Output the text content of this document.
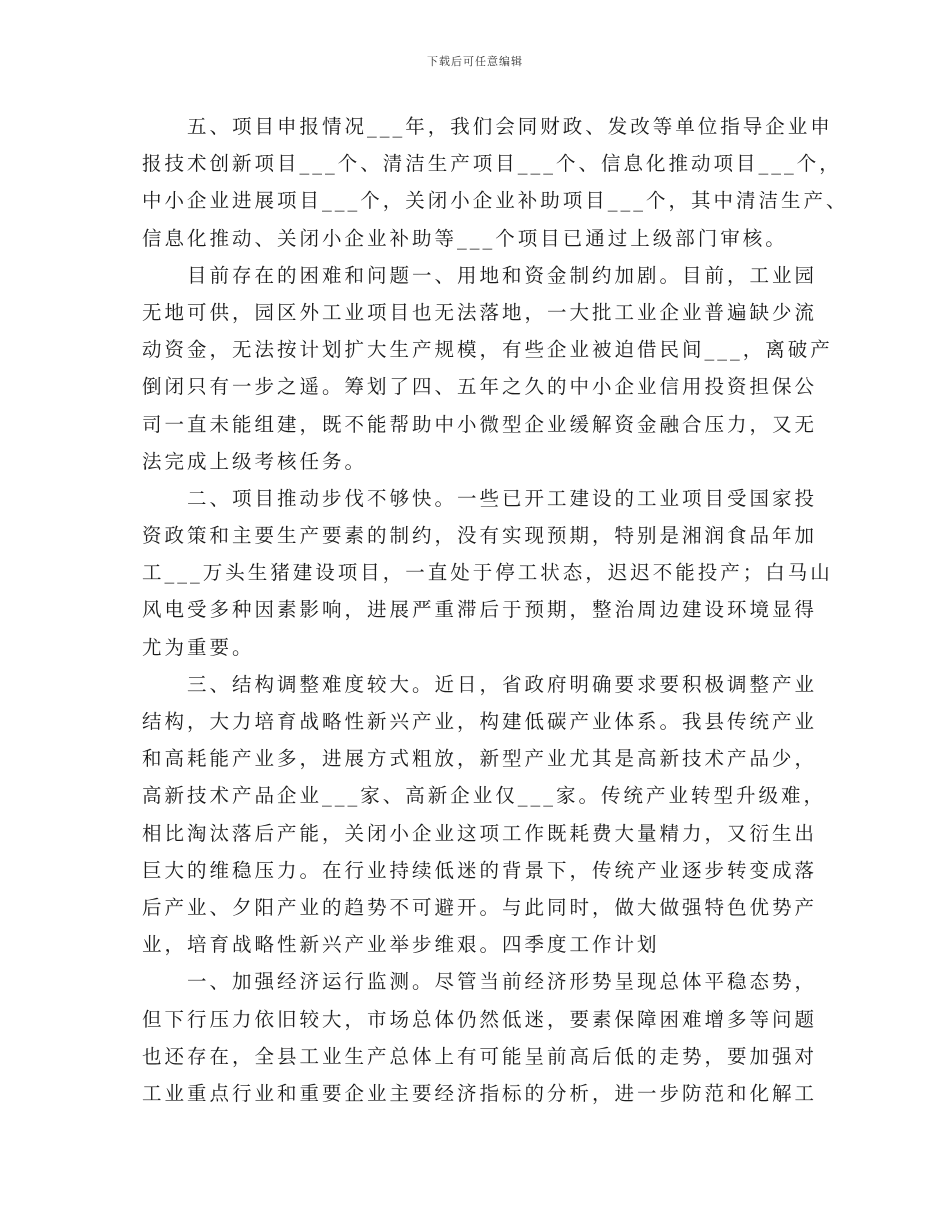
下载后可任意编辑
　　五、项目申报情况___年，我们会同财政、发改等单位指导企业申
报技术创新项目___个、清洁生产项目___个、信息化推动项目___个，
中小企业进展项目___个，关闭小企业补助项目___个，其中清洁生产、
信息化推动、关闭小企业补助等___个项目已通过上级部门审核。
　　目前存在的困难和问题一、用地和资金制约加剧。目前，工业园
无地可供，园区外工业项目也无法落地，一大批工业企业普遍缺少流
动资金，无法按计划扩大生产规模，有些企业被迫借民间___，离破产
倒闭只有一步之遥。筹划了四、五年之久的中小企业信用投资担保公
司一直未能组建，既不能帮助中小微型企业缓解资金融合压力，又无
法完成上级考核任务。
　　二、项目推动步伐不够快。一些已开工建设的工业项目受国家投
资政策和主要生产要素的制约，没有实现预期，特别是湘润食品年加
工___万头生猪建设项目，一直处于停工状态，迟迟不能投产；白马山
风电受多种因素影响，进展严重滞后于预期，整治周边建设环境显得
尤为重要。
　　三、结构调整难度较大。近日，省政府明确要求要积极调整产业
结构，大力培育战略性新兴产业，构建低碳产业体系。我县传统产业
和高耗能产业多，进展方式粗放，新型产业尤其是高新技术产品少，
高新技术产品企业___家、高新企业仅___家。传统产业转型升级难，
相比淘汰落后产能，关闭小企业这项工作既耗费大量精力，又衍生出
巨大的维稳压力。在行业持续低迷的背景下，传统产业逐步转变成落
后产业、夕阳产业的趋势不可避开。与此同时，做大做强特色优势产
业，培育战略性新兴产业举步维艰。四季度工作计划
　　一、加强经济运行监测。尽管当前经济形势呈现总体平稳态势，
但下行压力依旧较大，市场总体仍然低迷，要素保障困难增多等问题
也还存在，全县工业生产总体上有可能呈前高后低的走势，要加强对
工业重点行业和重要企业主要经济指标的分析，进一步防范和化解工
